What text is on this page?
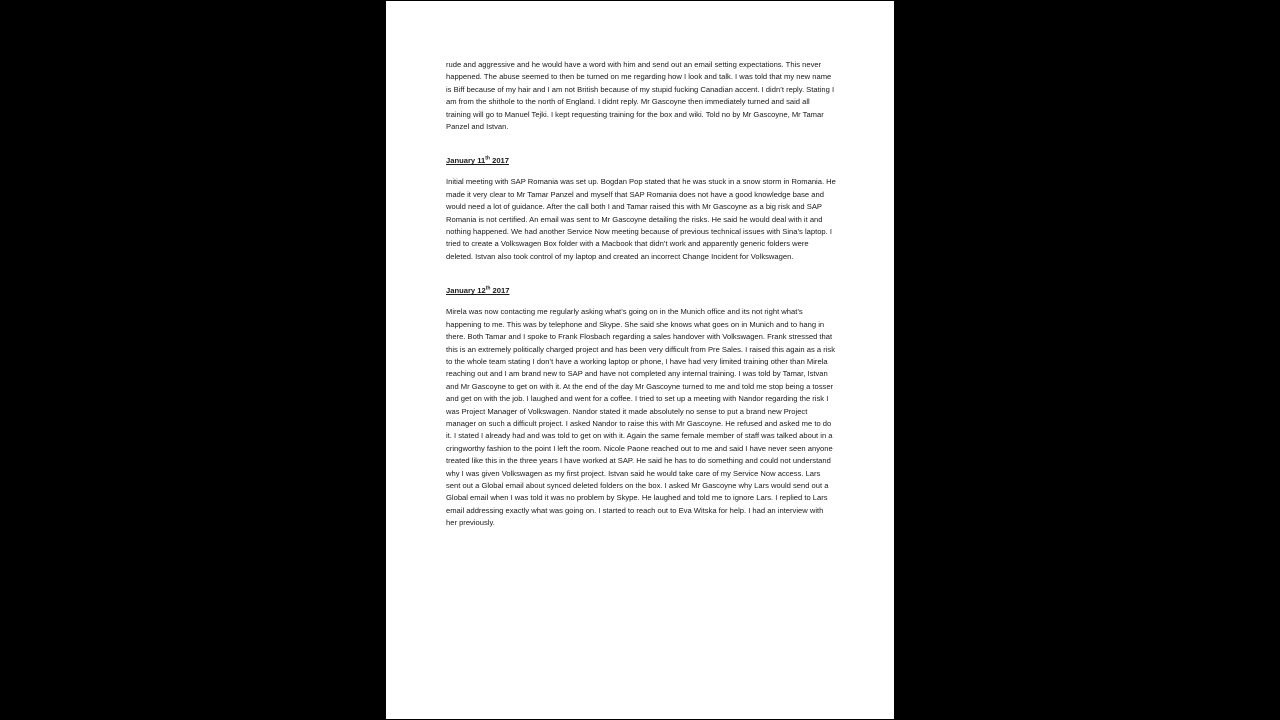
rude and aggressive and he would have a word with him and send out an email setting expectations. This never happened. The abuse seemed to then be turned on me regarding how I look and talk. I was told that my new name is Biff because of my hair and I am not British because of my stupid fucking Canadian accent. I didn’t reply. Stating I am from the shithole to the north of England. I didnt reply. Mr Gascoyne then immediately turned and said all training will go to Manuel Tejki. I kept requesting training for the box and wiki. Told no by Mr Gascoyne, Mr Tamar Panzel and Istvan.

January 11th 2017

Initial meeting with SAP Romania was set up. Bogdan Pop stated that he was stuck in a snow storm in Romania. He made it very clear to Mr Tamar Panzel and myself that SAP Romania does not have a good knowledge base and would need a lot of guidance. After the call both I and Tamar raised this with Mr Gascoyne as a big risk and SAP Romania is not certified. An email was sent to Mr Gascoyne detailing the risks. He said he would deal with it and nothing happened. We had another Service Now meeting because of previous technical issues with Sina’s laptop. I tried to create a Volkswagen Box folder with a Macbook that didn’t work and apparently generic folders were deleted. Istvan also took control of my laptop and created an incorrect Change Incident for Volkswagen.

January 12th 2017

Mirela was now contacting me regularly asking what’s going on in the Munich office and its not right what’s happening to me. This was by telephone and Skype. She said she knows what goes on in Munich and to hang in there. Both Tamar and I spoke to Frank Flosbach regarding a sales handover with Volkswagen. Frank stressed that this is an extremely politically charged project and has been very difficult from Pre Sales. I raised this again as a risk to the whole team stating I don’t have a working laptop or phone, I have had very limited training other than Mirela reaching out and I am brand new to SAP and have not completed any internal training. I was told by Tamar, Istvan and Mr Gascoyne to get on with it. At the end of the day Mr Gascoyne turned to me and told me stop being a tosser and get on with the job. I laughed and went for a coffee. I tried to set up a meeting with Nandor regarding the risk I was Project Manager of Volkswagen. Nandor stated it made absolutely no sense to put a brand new Project manager on such a difficult project. I asked Nandor to raise this with Mr Gascoyne. He refused and asked me to do it. I stated I already had and was told to get on with it. Again the same female member of staff was talked about in a cringworthy fashion to the point I left the room. Nicole Paone reached out to me and said I have never seen anyone treated like this in the three years I have worked at SAP. He said he has to do something and could not understand why I was given Volkswagen as my first project. Istvan said he would take care of my Service Now access. Lars sent out a Global email about synced deleted folders on the box. I asked Mr Gascoyne why Lars would send out a Global email when I was told it was no problem by Skype. He laughed and told me to ignore Lars. I replied to Lars email addressing exactly what was going on. I started to reach out to Eva Witska for help. I had an interview with her previously.
